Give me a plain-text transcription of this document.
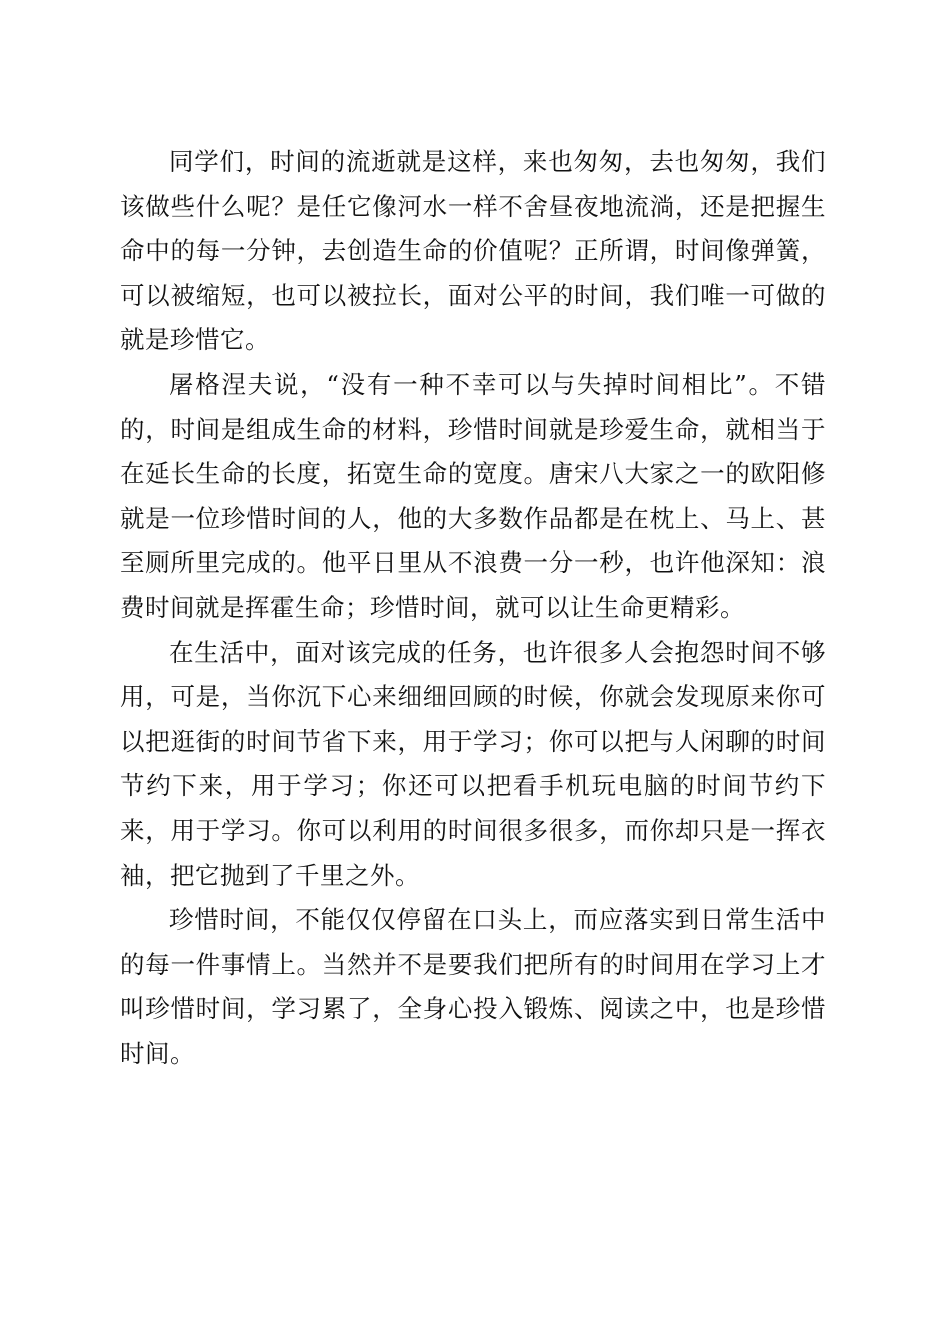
同学们，时间的流逝就是这样，来也匆匆，去也匆匆，我们该做些什么呢？是任它像河水一样不舍昼夜地流淌，还是把握生命中的每一分钟，去创造生命的价值呢？正所谓，时间像弹簧，可以被缩短，也可以被拉长，面对公平的时间，我们唯一可做的就是珍惜它。

屠格涅夫说，“没有一种不幸可以与失掉时间相比”。不错的，时间是组成生命的材料，珍惜时间就是珍爱生命，就相当于在延长生命的长度，拓宽生命的宽度。唐宋八大家之一的欧阳修就是一位珍惜时间的人，他的大多数作品都是在枕上、马上、甚至厕所里完成的。他平日里从不浪费一分一秒，也许他深知：浪费时间就是挥霍生命；珍惜时间，就可以让生命更精彩。

在生活中，面对该完成的任务，也许很多人会抱怨时间不够用，可是，当你沉下心来细细回顾的时候，你就会发现原来你可以把逛街的时间节省下来，用于学习；你可以把与人闲聊的时间节约下来，用于学习；你还可以把看手机玩电脑的时间节约下来，用于学习。你可以利用的时间很多很多，而你却只是一挥衣袖，把它抛到了千里之外。

珍惜时间，不能仅仅停留在口头上，而应落实到日常生活中的每一件事情上。当然并不是要我们把所有的时间用在学习上才叫珍惜时间，学习累了，全身心投入锻炼、阅读之中，也是珍惜时间。
